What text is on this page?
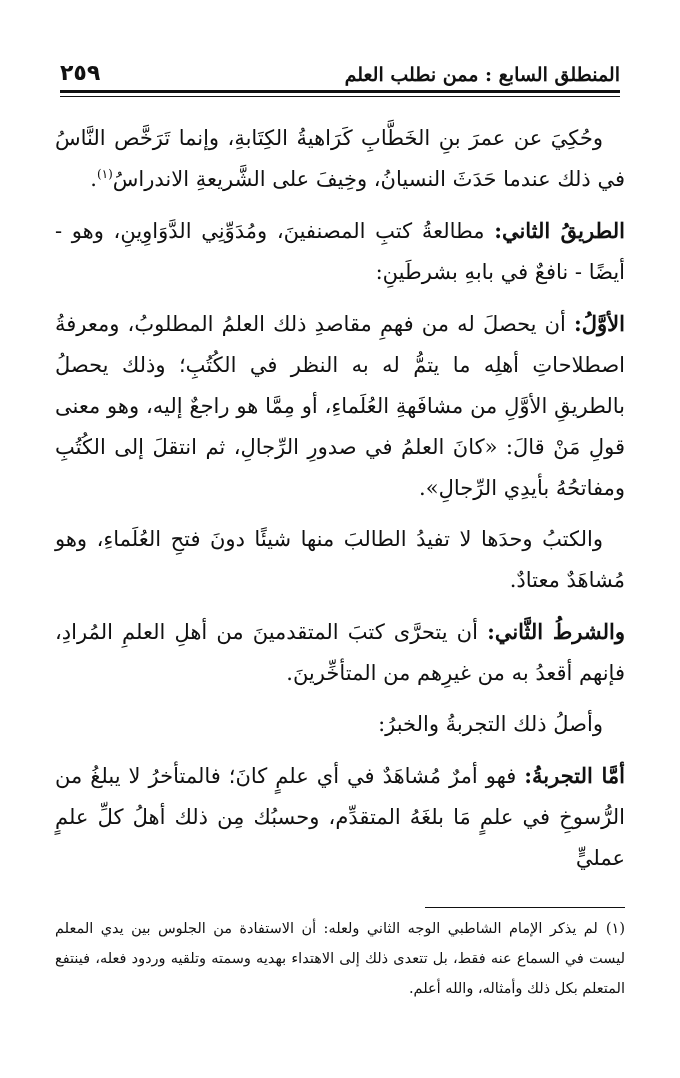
المنطلق السابع : ممن نطلب العلم
٢٥٩

وحُكِيَ عن عمرَ بنِ الخَطَّابِ كَرَاهيةُ الكِتَابةِ، وإنما تَرَخَّص النَّاسُ في ذلك عندما حَدَثَ النسيانُ، وخِيفَ على الشَّريعةِ الاندراسُ$^{(١)}$.

الطريقُ الثاني: مطالعةُ كتبِ المصنفينَ، ومُدَوِّنِي الدَّوَاوِينِ، وهو - أيضًا - نافعٌ في بابهِ بشرطَينِ:

الأوَّلُ: أن يحصلَ له من فهمِ مقاصدِ ذلك العلمُ المطلوبُ، ومعرفةُ اصطلاحاتِ أهلِه ما يتمُّ له به النظر في الكُتُبِ؛ وذلك يحصلُ بالطريقِ الأوَّلِ من مشافَهةِ العُلَماءِ، أو مِمَّا هو راجعٌ إليه، وهو معنى قولِ مَنْ قالَ: «كانَ العلمُ في صدورِ الرِّجالِ، ثم انتقلَ إلى الكُتُبِ ومفاتحُهُ بأيدِي الرِّجالِ».

والكتبُ وحدَها لا تفيدُ الطالبَ منها شيئًا دونَ فتحِ العُلَماءِ، وهو مُشاهَدٌ معتادٌ.

والشرطُ الثَّاني: أن يتحرَّى كتبَ المتقدمينَ من أهلِ العلمِ المُرادِ، فإنهم أقعدُ به من غيرِهم من المتأخِّرينَ.

وأصلُ ذلك التجربةُ والخبرُ:

أمَّا التجربةُ: فهو أمرٌ مُشاهَدٌ في أي علمٍ كانَ؛ فالمتأخرُ لا يبلغُ من الرُّسوخِ في علمٍ مَا بلغَهُ المتقدِّم، وحسبُك مِن ذلك أهلُ كلِّ علمٍ عمليٍّ

(١)لم يذكر الإمام الشاطبي الوجه الثاني ولعله: أن الاستفادة من الجلوس بين يدي المعلم ليست في السماع عنه فقط، بل تتعدى ذلك إلى الاهتداء بهديه وسمته وتلقيه وردود فعله، فينتفع المتعلم بكل ذلك وأمثاله، والله أعلم.
